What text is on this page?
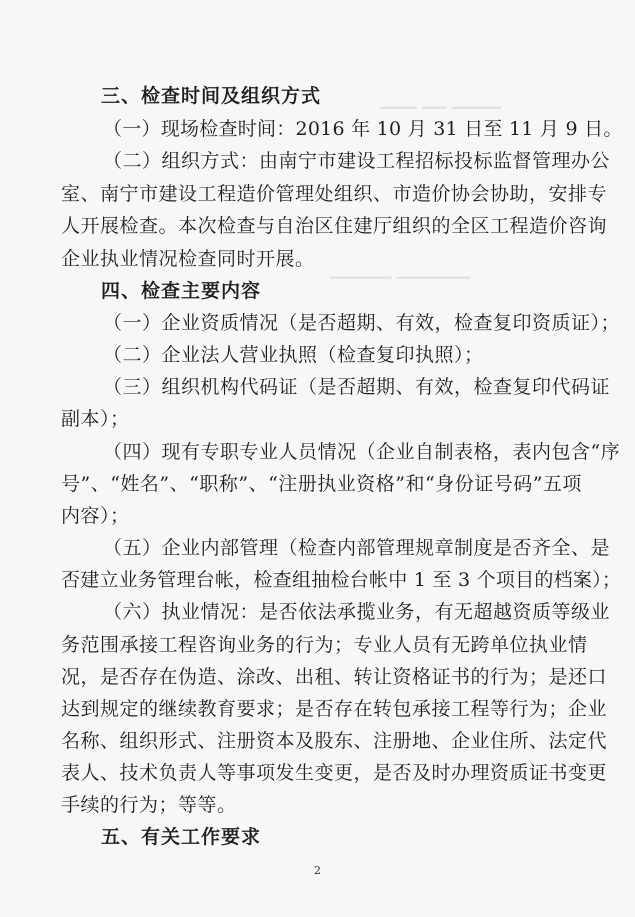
▁▁▁ ▁▁ ▁▁▁▁
▁▁▁▁▁ ▁▁▁▁▁▁
三、检查时间及组织方式
（一）现场检查时间：2016 年 10 月 31 日至 11 月 9 日。
（二）组织方式：由南宁市建设工程招标投标监督管理办公
室、南宁市建设工程造价管理处组织、市造价协会协助，安排专
人开展检查。本次检查与自治区住建厅组织的全区工程造价咨询
企业执业情况检查同时开展。
四、检查主要内容
（一）企业资质情况（是否超期、有效，检查复印资质证）；
（二）企业法人营业执照（检查复印执照）；
（三）组织机构代码证（是否超期、有效，检查复印代码证
副本）；
（四）现有专职专业人员情况（企业自制表格，表内包含“序
号”、“姓名”、“职称”、“注册执业资格”和“身份证号码”五项
内容）；
（五）企业内部管理（检查内部管理规章制度是否齐全、是
否建立业务管理台帐，检查组抽检台帐中 1 至 3 个项目的档案）；
（六）执业情况：是否依法承揽业务，有无超越资质等级业
务范围承接工程咨询业务的行为；专业人员有无跨单位执业情
况，是否存在伪造、涂改、出租、转让资格证书的行为；是还口
达到规定的继续教育要求；是否存在转包承接工程等行为；企业
名称、组织形式、注册资本及股东、注册地、企业住所、法定代
表人、技术负责人等事项发生变更，是否及时办理资质证书变更
手续的行为；等等。
五、有关工作要求
2
